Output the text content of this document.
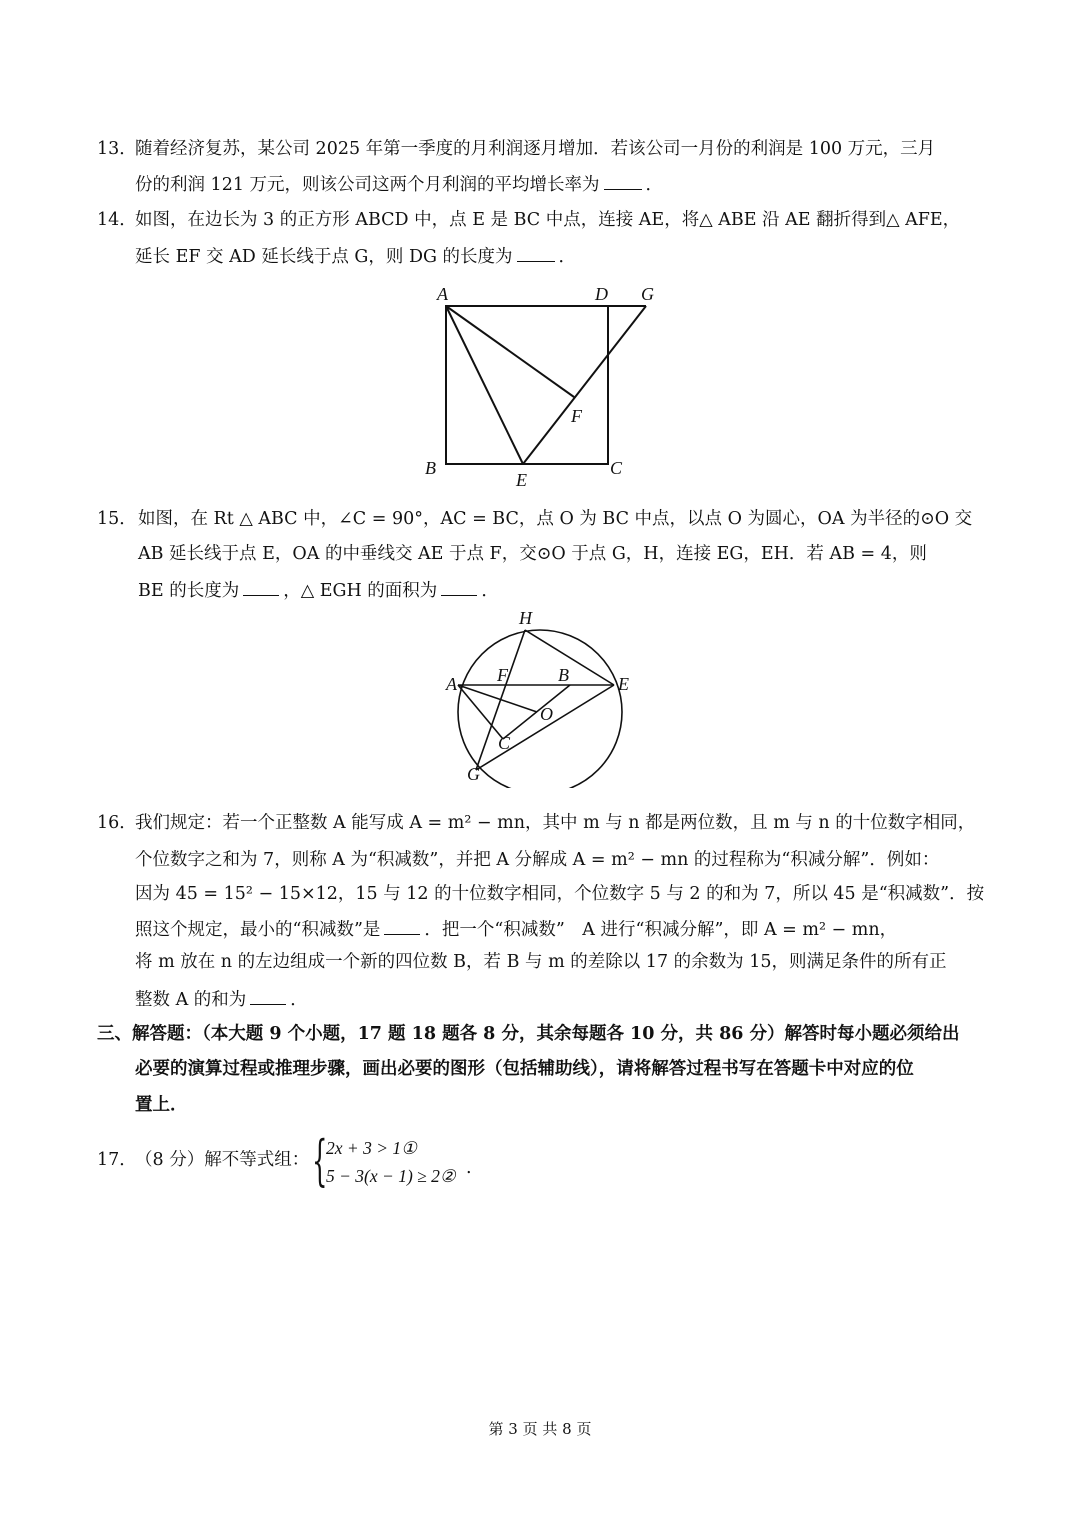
13．
随着经济复苏，某公司 2025 年第一季度的月利润逐月增加．若该公司一月份的利润是 100 万元，三月
份的利润 121 万元，则该公司这两个月利润的平均增长率为	．
14．
如图，在边长为 3 的正方形 ABCD 中，点 E 是 BC 中点，连接 AE，将△ ABE 沿 AE 翻折得到△ AFE，
延长 EF 交 AD 延长线于点 G，则 DG 的长度为	．
A	D G
F
B
E
C
15． 如图，在 Rt △ ABC 中，∠C = 90°，AC = BC，点 O 为 BC 中点，以点 O 为圆心，OA 为半径的⊙O 交
AB 延长线于点 E，OA 的中垂线交 AE 于点 F，交⊙O 于点 G，H，连接 EG，EH．若 AB = 4，则
BE 的长度为	，△ EGH 的面积为	．
H
A F	B	E
O
C
G
16．
我们规定：若一个正整数 A 能写成 A = m² − mn，其中 m 与 n 都是两位数，且 m 与 n 的十位数字相同，
个位数字之和为 7，则称 A 为“积减数”，并把 A 分解成 A = m² − mn 的过程称为“积减分解”．例如：
因为 45 = 15² − 15×12，15 与 12 的十位数字相同，个位数字 5 与 2 的和为 7，所以 45 是“积减数”．按
照这个规定，最小的“积减数”是	．把一个“积减数”　A 进行“积减分解”，即 A = m² − mn，
将 m 放在 n 的左边组成一个新的四位数 B，若 B 与 m 的差除以 17 的余数为 15，则满足条件的所有正
整数 A 的和为	．
三、解答题：（本大题 9 个小题，17 题 18 题各 8 分，其余每题各 10 分，共 86 分）解答时每小题必须给出
必要的演算过程或推理步骤，画出必要的图形（包括辅助线），请将解答过程书写在答题卡中对应的位
置上．
17．
（8 分）解不等式组： {
2x + 3 > 1①
5 − 3(x − 1) ≥ 2② .
第 3 页 共 8 页
